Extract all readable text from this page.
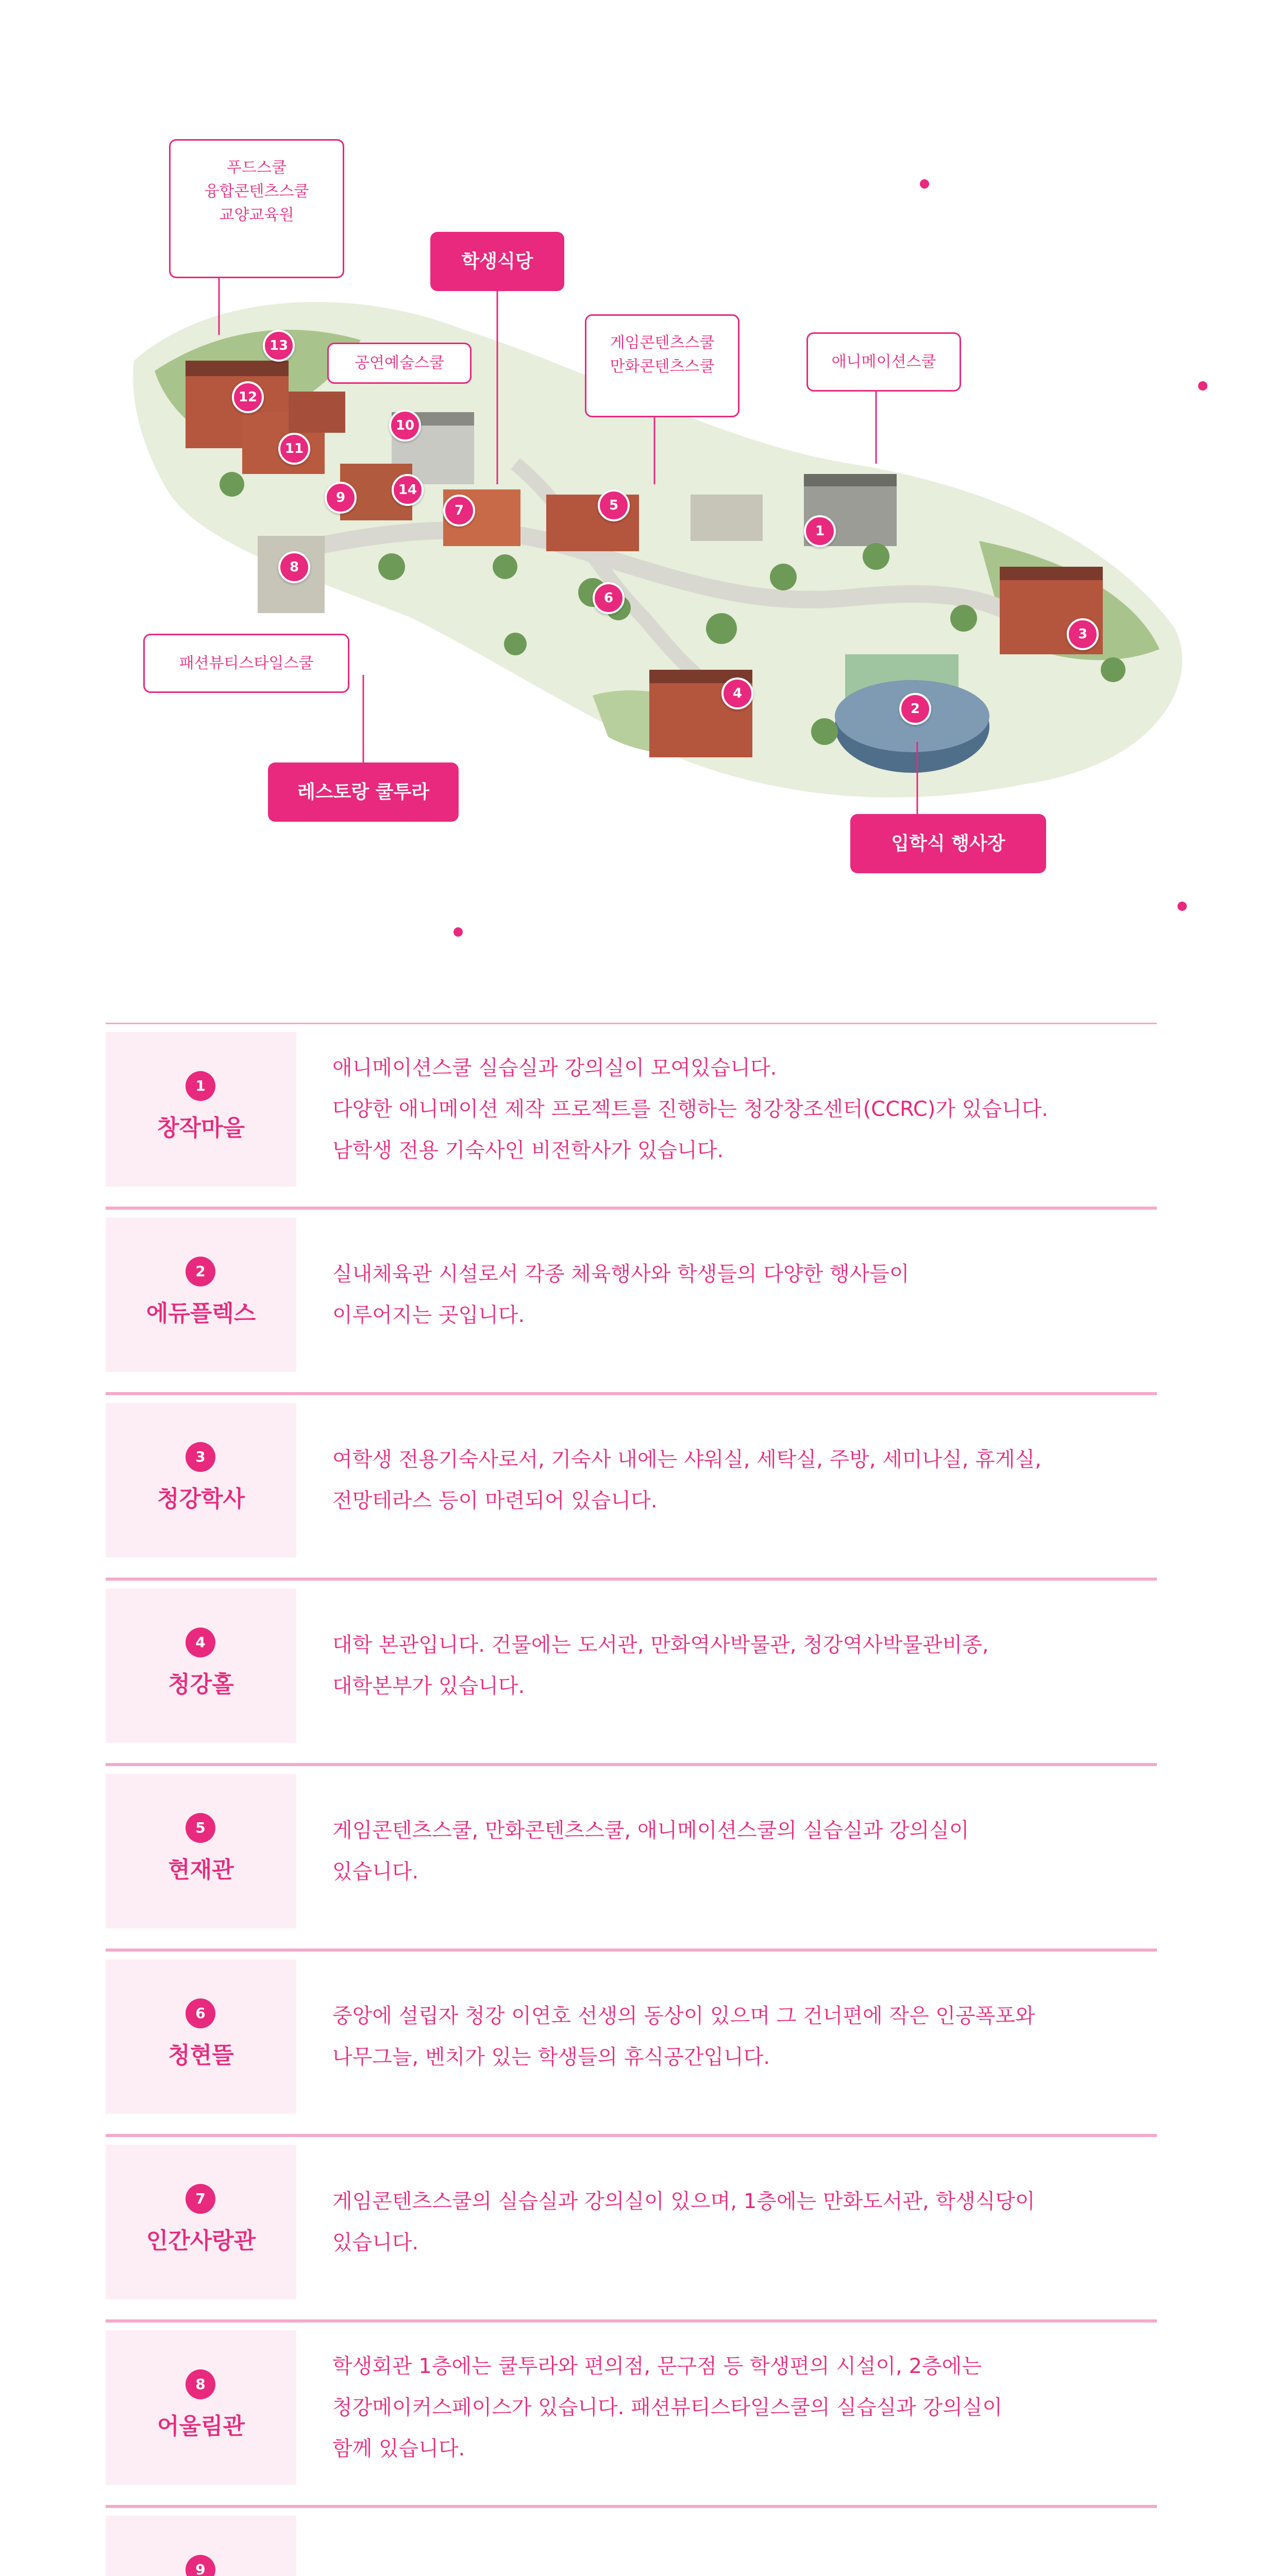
푸드스쿨
융합콘텐츠스쿨
교양교육원
공연예술스쿨
게임콘텐츠스쿨
만화콘텐츠스쿨	애니메이션스쿨
패션뷰티스타일스쿨
학생식당
레스토랑 쿨투라
입학식 행사장
1
2
3
4
5
6
7
8
9
10
11
12
13
14
1
창작마을

애니메이션스쿨 실습실과 강의실이 모여있습니다.
다양한 애니메이션 제작 프로젝트를 진행하는 청강창조센터(CCRC)가 있습니다.
남학생 전용 기숙사인 비전학사가 있습니다.

2
에듀플렉스

실내체육관 시설로서 각종 체육행사와 학생들의 다양한 행사들이
이루어지는 곳입니다.

3
청강학사

여학생 전용기숙사로서, 기숙사 내에는 샤워실, 세탁실, 주방, 세미나실, 휴게실,
전망테라스 등이 마련되어 있습니다.

4
청강홀

대학 본관입니다. 건물에는 도서관, 만화역사박물관, 청강역사박물관비종,
대학본부가 있습니다.

5
현재관

게임콘텐츠스쿨, 만화콘텐츠스쿨, 애니메이션스쿨의 실습실과 강의실이
있습니다.

6
청현뜰

중앙에 설립자 청강 이연호 선생의 동상이 있으며 그 건너편에 작은 인공폭포와
나무그늘, 벤치가 있는 학생들의 휴식공간입니다.

7
인간사랑관

게임콘텐츠스쿨의 실습실과 강의실이 있으며, 1층에는 만화도서관, 학생식당이
있습니다.

8
어울림관

학생회관 1층에는 쿨투라와 편의점, 문구점 등 학생편의 시설이, 2층에는
청강메이커스페이스가 있습니다. 패션뷰티스타일스쿨의 실습실과 강의실이
함께 있습니다.

9
